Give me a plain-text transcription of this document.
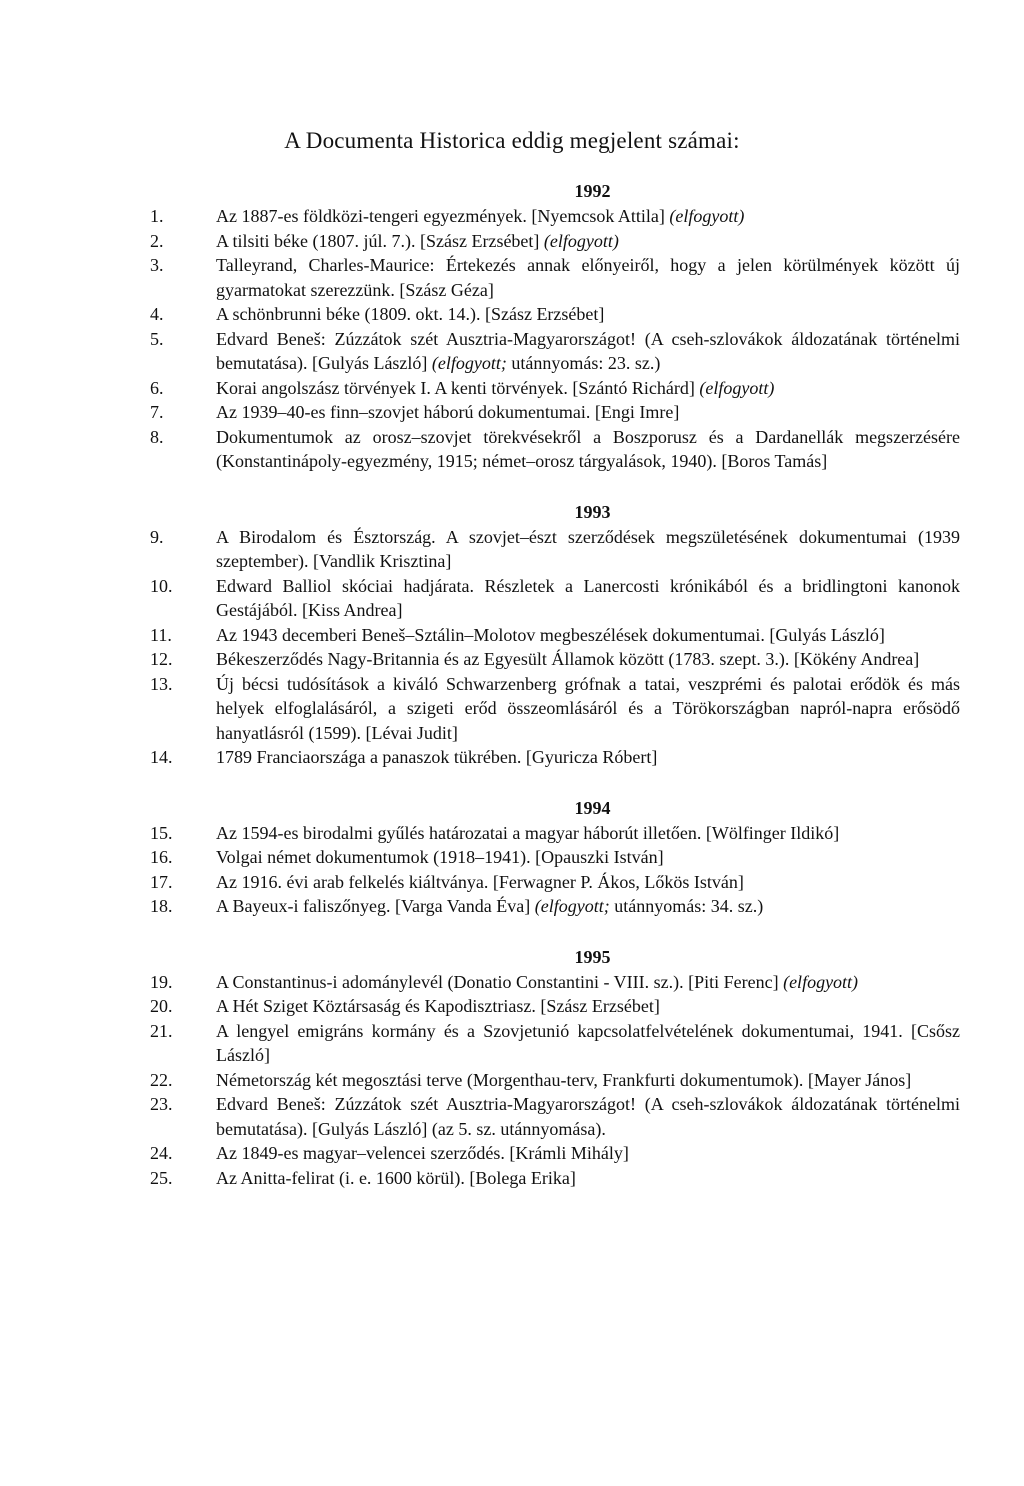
A Documenta Historica eddig megjelent számai:
1992
1.	Az 1887-es földközi-tengeri egyezmények. [Nyemcsok Attila] (elfogyott)
2.	A tilsiti béke (1807. júl. 7.). [Szász Erzsébet] (elfogyott)
3.	Talleyrand, Charles-Maurice: Értekezés annak előnyeiről, hogy a jelen körülmények között új gyarmatokat szerezzünk. [Szász Géza]
4.	A schönbrunni béke (1809. okt. 14.). [Szász Erzsébet]
5.	Edvard Beneš: Zúzzátok szét Ausztria-Magyarországot! (A cseh-szlovákok áldozatának történelmi bemutatása). [Gulyás László] (elfogyott; utánnyomás: 23. sz.)
6.	Korai angolszász törvények I. A kenti törvények. [Szántó Richárd] (elfogyott)
7.	Az 1939–40-es finn–szovjet háború dokumentumai. [Engi Imre]
8.	Dokumentumok az orosz–szovjet törekvésekről a Boszporusz és a Dardanellák megszerzésére (Konstantinápoly-egyezmény, 1915; német–orosz tárgyalások, 1940). [Boros Tamás]
1993
9.	A Birodalom és Észtország. A szovjet–észt szerződések megszületésének dokumentumai (1939 szeptember). [Vandlik Krisztina]
10.	Edward Balliol skóciai hadjárata. Részletek a Lanercosti krónikából és a bridlingtoni kanonok Gestájából. [Kiss Andrea]
11.	Az 1943 decemberi Beneš–Sztálin–Molotov megbeszélések dokumentumai. [Gulyás László]
12.	Békeszerződés Nagy-Britannia és az Egyesült Államok között (1783. szept. 3.). [Kökény Andrea]
13.	Új bécsi tudósítások a kiváló Schwarzenberg grófnak a tatai, veszprémi és palotai erődök és más helyek elfoglalásáról, a szigeti erőd összeomlásáról és a Törökországban napról-napra erősödő hanyatlásról (1599). [Lévai Judit]
14.	1789 Franciaországa a panaszok tükrében. [Gyuricza Róbert]
1994
15.	Az 1594-es birodalmi gyűlés határozatai a magyar háborút illetően. [Wölfinger Ildikó]
16.	Volgai német dokumentumok (1918–1941). [Opauszki István]
17.	Az 1916. évi arab felkelés kiáltványa. [Ferwagner P. Ákos, Lőkös István]
18.	A Bayeux-i faliszőnyeg. [Varga Vanda Éva] (elfogyott; utánnyomás: 34. sz.)
1995
19.	A Constantinus-i adománylevél (Donatio Constantini - VIII. sz.). [Piti Ferenc] (elfogyott)
20.	A Hét Sziget Köztársaság és Kapodisztriasz. [Szász Erzsébet]
21.	A lengyel emigráns kormány és a Szovjetunió kapcsolatfelvételének dokumentumai, 1941. [Csősz László]
22.	Németország két megosztási terve (Morgenthau-terv, Frankfurti dokumentumok). [Mayer János]
23.	Edvard Beneš: Zúzzátok szét Ausztria-Magyarországot! (A cseh-szlovákok áldozatának történelmi bemutatása). [Gulyás László] (az 5. sz. utánnyomása).
24.	Az 1849-es magyar–velencei szerződés. [Krámli Mihály]
25.	Az Anitta-felirat (i. e. 1600 körül). [Bolega Erika]
